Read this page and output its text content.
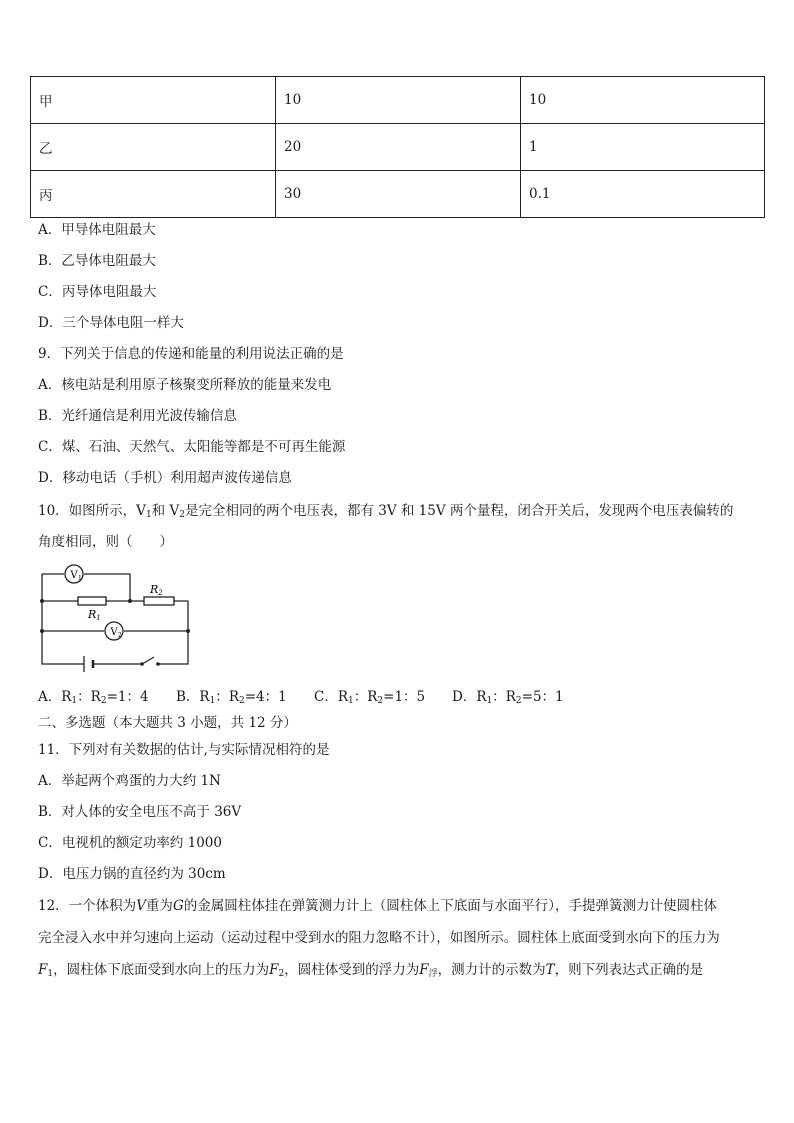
甲	10	10
乙	20	1
丙	30	0.1
A．甲导体电阻最大
B．乙导体电阻最大
C．丙导体电阻最大
D．三个导体电阻一样大
9．下列关于信息的传递和能量的利用说法正确的是
A．核电站是利用原子核聚变所释放的能量来发电
B．光纤通信是利用光波传输信息
C．煤、石油、天然气、太阳能等都是不可再生能源
D．移动电话（手机）利用超声波传递信息
10．如图所示，$V_1$和 $V_2$是完全相同的两个电压表，都有 3V 和 15V 两个量程，闭合开关后，发现两个电压表偏转的
角度相同，则（　　）
V 1
V 2
R1
R2
A．R1：R2=1：4 B．R1：R2=4：1 C．R1：R2=1：5 D．R1：R2=5：1
二、多选题（本大题共 3 小题，共 12 分）
11．下列对有关数据的估计,与实际情况相符的是
A．举起两个鸡蛋的力大约 1N
B．对人体的安全电压不高于 36V
C．电视机的额定功率约 1000
D．电压力锅的直径约为 30cm
12．一个体积为V重为G的金属圆柱体挂在弹簧测力计上（圆柱体上下底面与水面平行），手提弹簧测力计使圆柱体
完全浸入水中并匀速向上运动（运动过程中受到水的阻力忽略不计），如图所示。圆柱体上底面受到水向下的压力为
$F_1$，圆柱体下底面受到水向上的压力为$F_2$，圆柱体受到的浮力为$F_浮$，测力计的示数为T，则下列表达式正确的是
